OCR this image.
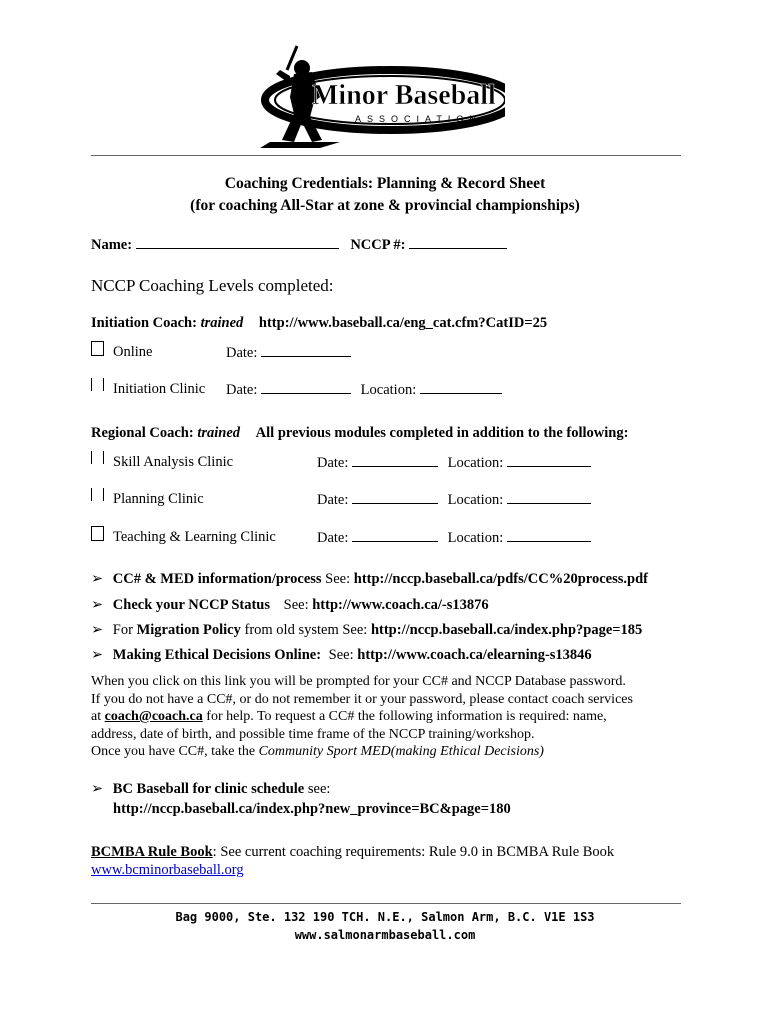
Salmon Arm
Minor Baseball
ASSOCIATION
Coaching Credentials: Planning & Record Sheet
(for coaching All-Star at zone & provincial championships)
Name:	NCCP #:
NCCP Coaching Levels completed:
Initiation Coach: trained http://www.baseball.ca/eng_cat.cfm?CatID=25
Online	Date:
Initiation Clinic Date:	Location:
Regional Coach: trained All previous modules completed in addition to the following:
Skill Analysis Clinic	Date:	Location:
Planning Clinic	Date:	Location:
Teaching & Learning Clinic	Date:	Location:
➢ CC# & MED information/process See: http://nccp.baseball.ca/pdfs/CC%20process.pdf
➢ Check your NCCP Status See: http://www.coach.ca/-s13876
➢ For Migration Policy from old system See: http://nccp.baseball.ca/index.php?page=185
➢ Making Ethical Decisions Online: See: http://www.coach.ca/elearning-s13846
When you click on this link you will be prompted for your CC# and NCCP Database password.
If you do not have a CC#, or do not remember it or your password, please contact coach services
at coach@coach.ca for help. To request a CC# the following information is required: name,
address, date of birth, and possible time frame of the NCCP training/workshop.
Once you have CC#, take the Community Sport MED(making Ethical Decisions)
➢ BC Baseball for clinic schedule see:
http://nccp.baseball.ca/index.php?new_province=BC&page=180
BCMBA Rule Book: See current coaching requirements: Rule 9.0 in BCMBA Rule Book
www.bcminorbaseball.org
Bag 9000, Ste. 132 190 TCH. N.E., Salmon Arm, B.C. V1E 1S3
www.salmonarmbaseball.com
